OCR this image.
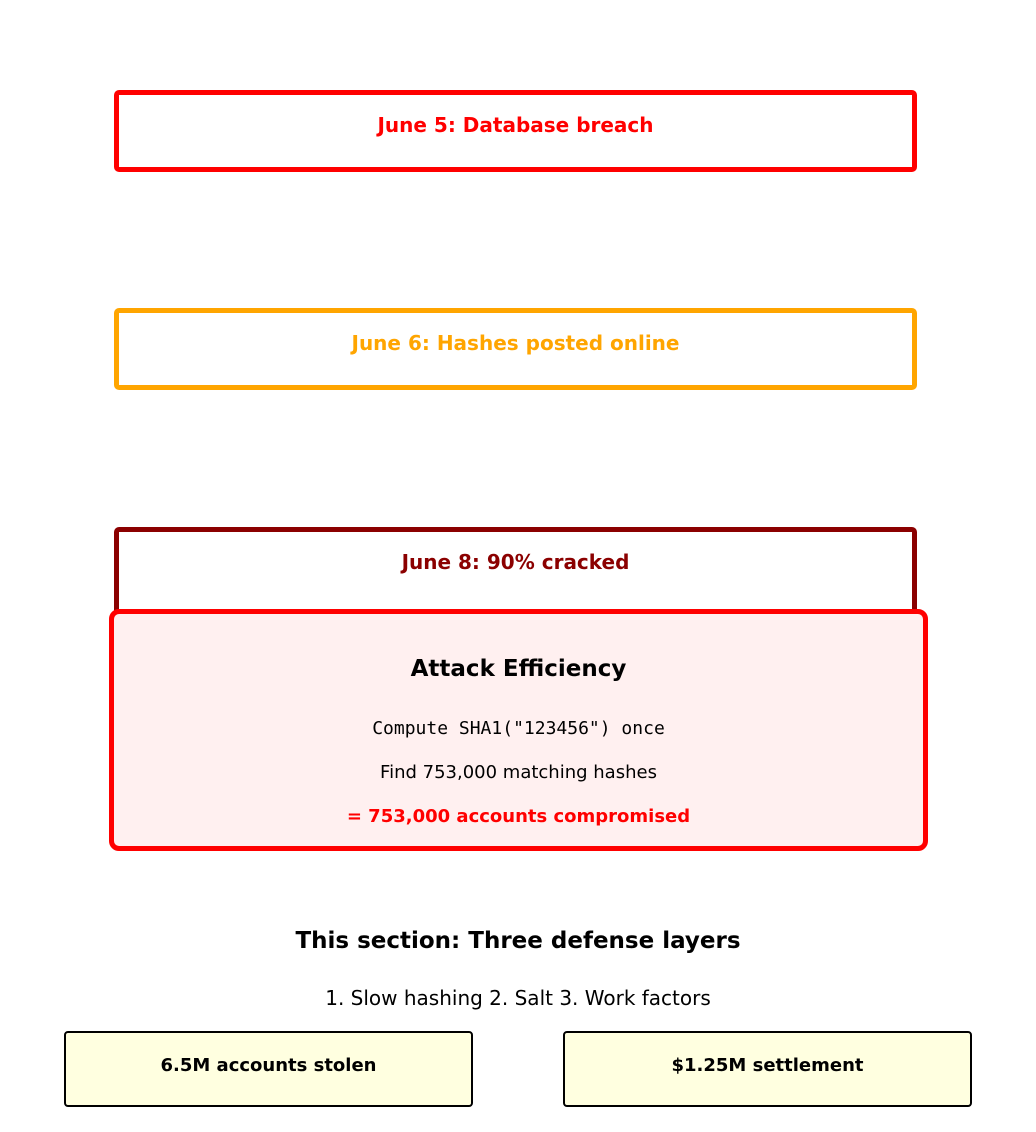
June 5: Database breach
June 6: Hashes posted online
June 8: 90% cracked
Attack Efficiency
Compute SHA1("123456") once
Find 753,000 matching hashes
= 753,000 accounts compromised
This section: Three defense layers
1. Slow hashing 2. Salt 3. Work factors
6.5M accounts stolen	$1.25M settlement
